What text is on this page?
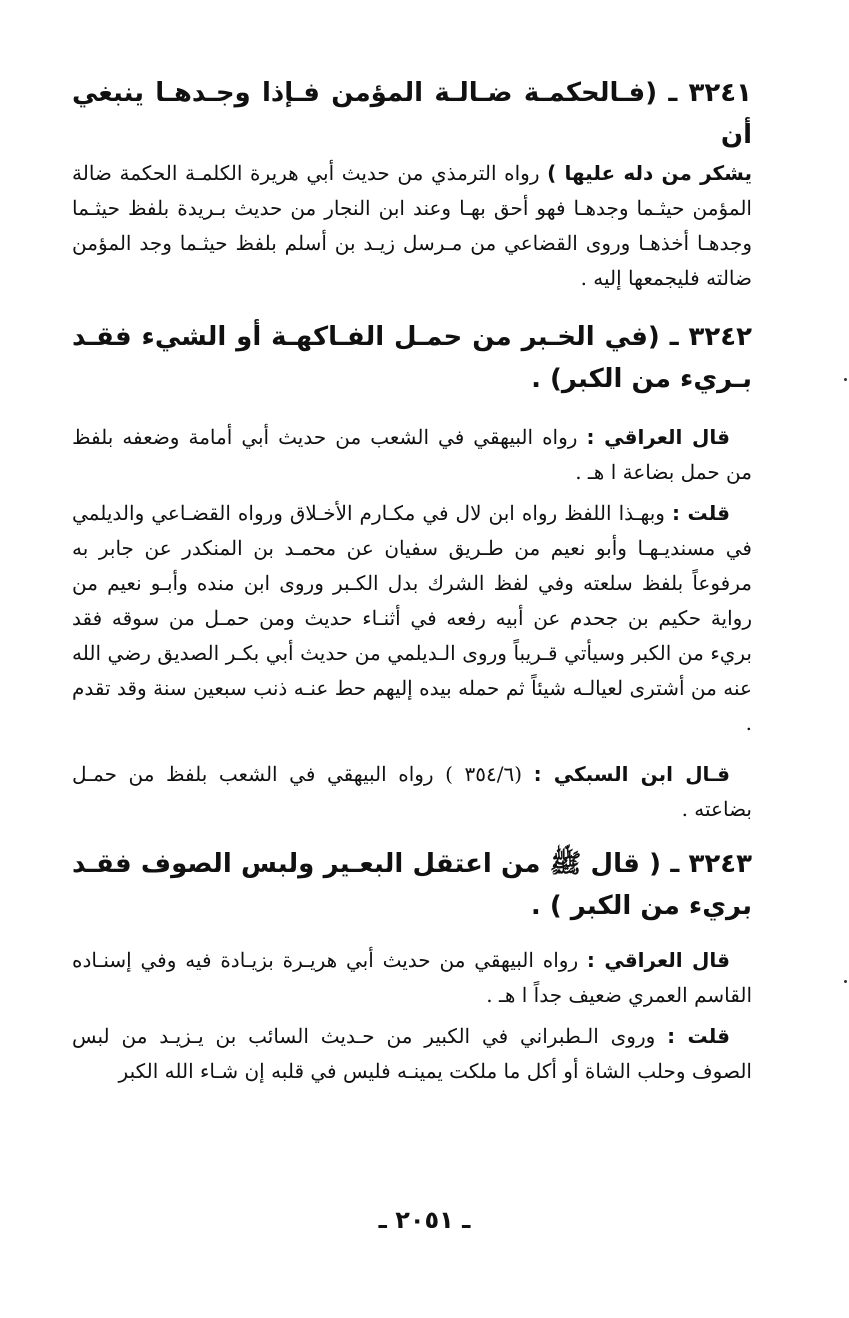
٣٢٤١ ـ (فـالحكمـة ضـالـة المؤمن فـإذا وجـدهـا ينبغي أن

يشكر من دله عليها ) رواه الترمذي من حديث أبي هريرة الكلمـة الحكمة ضالة المؤمن حيثـما وجدهـا فهو أحق بهـا وعند ابن النجار من حديث بـريدة بلفظ حيثـما وجدهـا أخذهـا وروى القضاعي من مـرسل زيـد بن أسلم بلفظ حيثـما وجد المؤمن ضالته فليجمعها إليه .

٣٢٤٢ ـ (في الخـبر من حمـل الفـاكهـة أو الشيء فقـد بـريء من الكبر) .

قال العراقي : رواه البيهقي في الشعب من حديث أبي أمامة وضعفه بلفظ من حمل بضاعة ا هـ .

قلت : وبهـذا اللفظ رواه ابن لال في مكـارم الأخـلاق ورواه القضـاعي والديلمي في مسنديـهـا وأبو نعيم من طـريق سفيان عن محمـد بن المنكدر عن جابر به مرفوعاً بلفظ سلعته وفي لفظ الشرك بدل الكـبر وروى ابن منده وأبـو نعيم من رواية حكيم بن جحدم عن أبيه رفعه في أثنـاء حديث ومن حمـل من سوقه فقد بريء من الكبر وسيأتي قـريباً وروى الـديلمي من حديث أبي بكـر الصديق رضي الله عنه من أشترى لعيالـه شيئاً ثم حمله بيده إليهم حط عنـه ذنب سبعين سنة وقد تقدم .

قـال ابن السبكي : (٣٥٤/٦ ) رواه البيهقي في الشعب بلفظ من حمـل بضاعته .

٣٢٤٣ ـ ( قال ﷺ من اعتقل البعـير ولبس الصوف فقـد بريء من الكبر ) .

قال العراقي : رواه البيهقي من حديث أبي هريـرة بزيـادة فيه وفي إسنـاده القاسم العمري ضعيف جداً ا هـ .

قلت : وروى الـطبراني في الكبير من حـديث السائب بن يـزيـد من لبس الصوف وحلب الشاة أو أكل ما ملكت يمينـه فليس في قلبه إن شـاء الله الكبر

ـ ٢٠٥١ ـ
